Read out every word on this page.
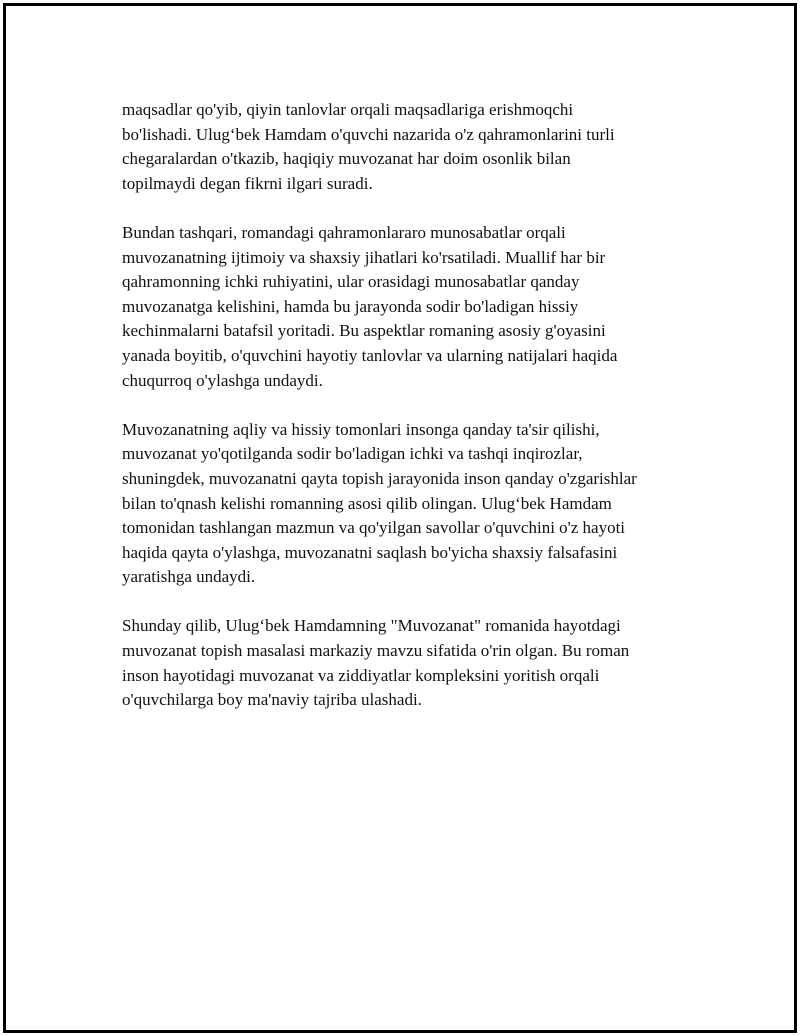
maqsadlar qo'yib, qiyin tanlovlar orqali maqsadlariga erishmoqchi
bo'lishadi. Ulug‘bek Hamdam o'quvchi nazarida o'z qahramonlarini turli
chegaralardan o'tkazib, haqiqiy muvozanat har doim osonlik bilan
topilmaydi degan fikrni ilgari suradi.

Bundan tashqari, romandagi qahramonlararo munosabatlar orqali
muvozanatning ijtimoiy va shaxsiy jihatlari ko'rsatiladi. Muallif har bir
qahramonning ichki ruhiyatini, ular orasidagi munosabatlar qanday
muvozanatga kelishini, hamda bu jarayonda sodir bo'ladigan hissiy
kechinmalarni batafsil yoritadi. Bu aspektlar romaning asosiy g'oyasini
yanada boyitib, o'quvchini hayotiy tanlovlar va ularning natijalari haqida
chuqurroq o'ylashga undaydi.

Muvozanatning aqliy va hissiy tomonlari insonga qanday ta'sir qilishi,
muvozanat yo'qotilganda sodir bo'ladigan ichki va tashqi inqirozlar,
shuningdek, muvozanatni qayta topish jarayonida inson qanday o'zgarishlar
bilan to'qnash kelishi romanning asosi qilib olingan. Ulug‘bek Hamdam
tomonidan tashlangan mazmun va qo'yilgan savollar o'quvchini o'z hayoti
haqida qayta o'ylashga, muvozanatni saqlash bo'yicha shaxsiy falsafasini
yaratishga undaydi.

Shunday qilib, Ulug‘bek Hamdamning "Muvozanat" romanida hayotdagi
muvozanat topish masalasi markaziy mavzu sifatida o'rin olgan. Bu roman
inson hayotidagi muvozanat va ziddiyatlar kompleksini yoritish orqali
o'quvchilarga boy ma'naviy tajriba ulashadi.
